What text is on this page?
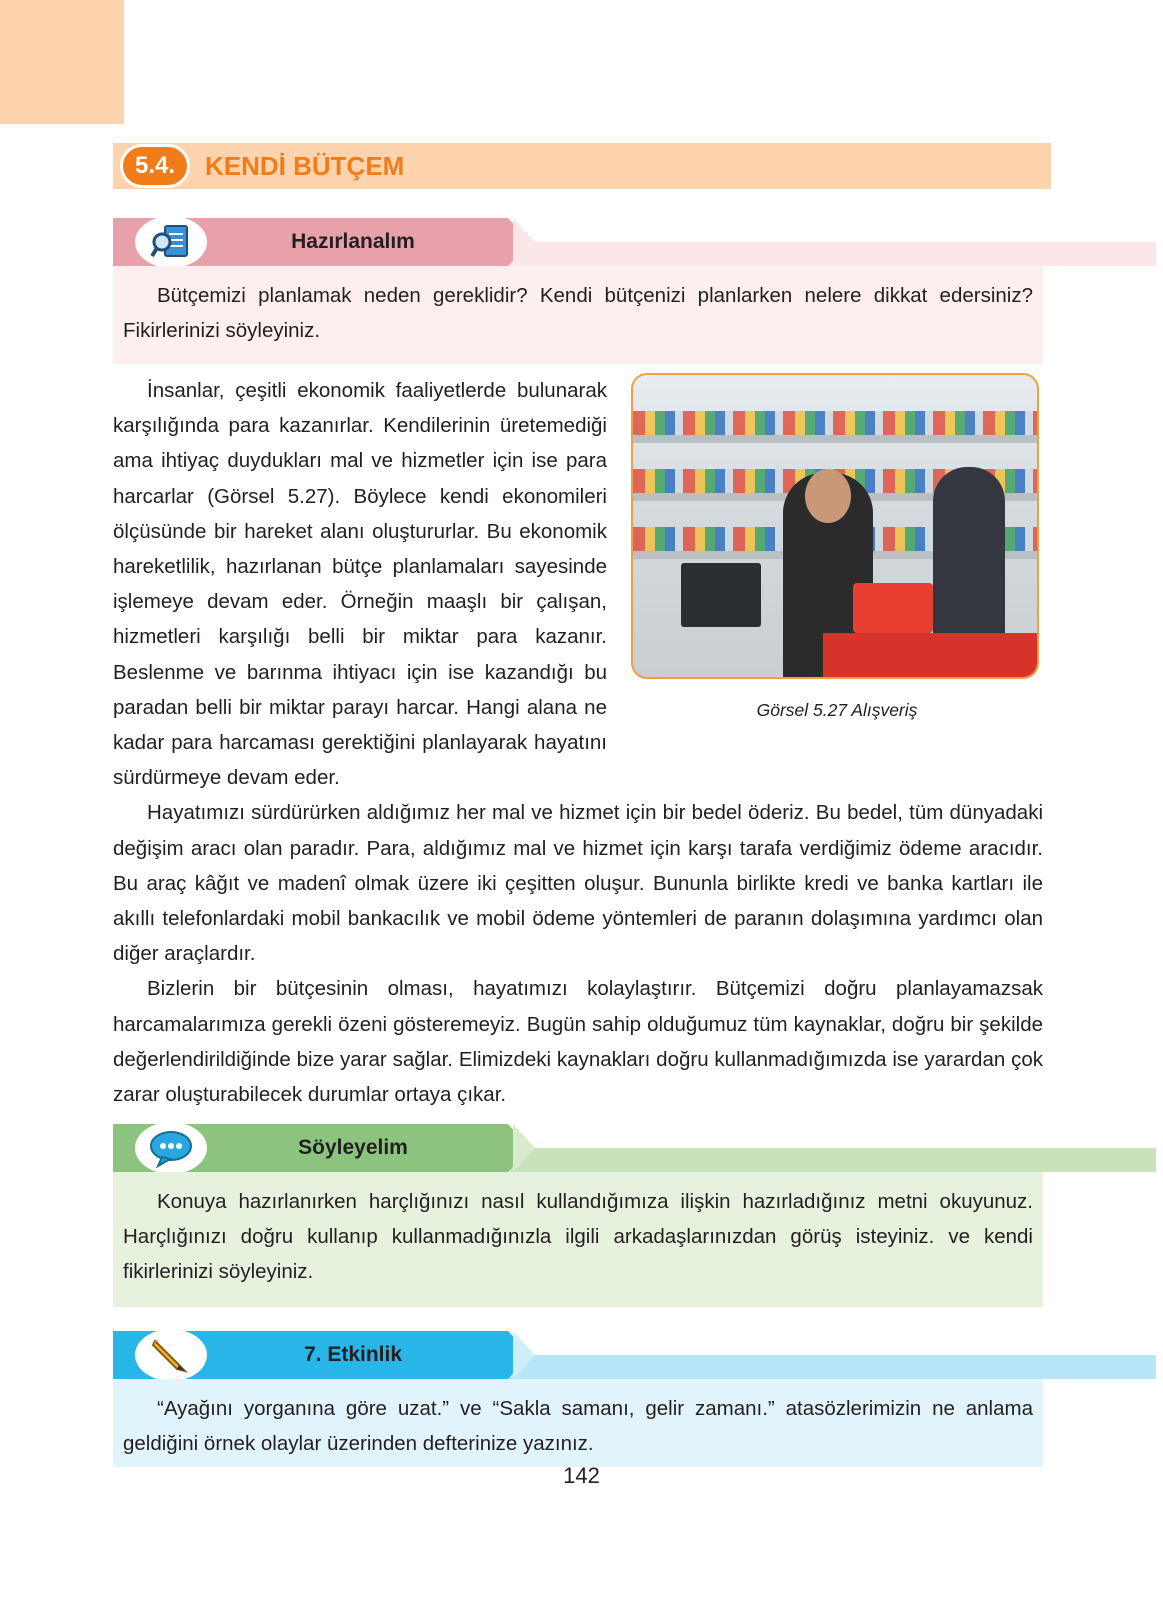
5.4.	KENDİ BÜTÇEM
Hazırlanalım

Bütçemizi planlamak neden gereklidir? Kendi bütçenizi planlarken nelere dikkat edersiniz? Fikirlerinizi söyleyiniz.

Görsel 5.27 Alışveriş

İnsanlar, çeşitli ekonomik faaliyetlerde bulunarak karşılığında para kazanırlar. Kendilerinin üretemediği ama ihtiyaç duydukları mal ve hizmetler için ise para harcarlar (Görsel 5.27). Böylece kendi ekonomileri ölçüsünde bir hareket alanı oluştururlar. Bu ekonomik hareketlilik, hazırlanan bütçe planlamaları sayesinde işlemeye devam eder. Örneğin maaşlı bir çalışan, hizmetleri karşılığı belli bir miktar para kazanır. Beslenme ve barınma ihtiyacı için ise kazandığı bu paradan belli bir miktar parayı harcar. Hangi alana ne kadar para harcaması gerektiğini planlayarak hayatını sürdürmeye devam eder.

Hayatımızı sürdürürken aldığımız her mal ve hizmet için bir bedel öderiz. Bu bedel, tüm dünyadaki değişim aracı olan paradır. Para, aldığımız mal ve hizmet için karşı tarafa verdiğimiz ödeme aracıdır. Bu araç kâğıt ve madenî olmak üzere iki çeşitten oluşur. Bununla birlikte kredi ve banka kartları ile akıllı telefonlardaki mobil bankacılık ve mobil ödeme yöntemleri de paranın dolaşımına yardımcı olan diğer araçlardır.

Bizlerin bir bütçesinin olması, hayatımızı kolaylaştırır. Bütçemizi doğru planlayamazsak harcamalarımıza gerekli özeni gösteremeyiz. Bugün sahip olduğumuz tüm kaynaklar, doğru bir şekilde değerlendirildiğinde bize yarar sağlar. Elimizdeki kaynakları doğru kullanmadığımızda ise yarardan çok zarar oluşturabilecek durumlar ortaya çıkar.

Söyleyelim

Konuya hazırlanırken harçlığınızı nasıl kullandığımıza ilişkin hazırladığınız metni okuyunuz. Harçlığınızı doğru kullanıp kullanmadığınızla ilgili arkadaşlarınızdan görüş isteyiniz. ve kendi fikirlerinizi söyleyiniz.

7. Etkinlik

“Ayağını yorganına göre uzat.” ve “Sakla samanı, gelir zamanı.” atasözlerimizin ne anlama geldiğini örnek olaylar üzerinden defterinize yazınız.

142
